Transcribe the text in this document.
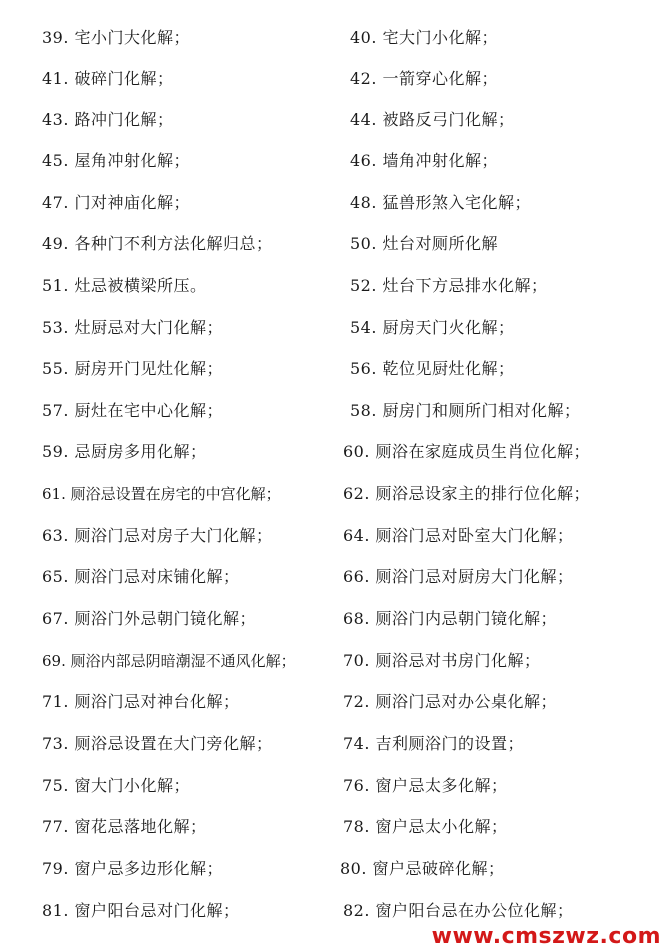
39. 宅小门大化解；	40. 宅大门小化解；
41. 破碎门化解；	42. 一箭穿心化解；
43. 路冲门化解；	44. 被路反弓门化解；
45. 屋角冲射化解；	46. 墙角冲射化解；
47. 门对神庙化解；	48. 猛兽形煞入宅化解；
49. 各种门不利方法化解归总；	50. 灶台对厕所化解
51. 灶忌被横梁所压。	52. 灶台下方忌排水化解；
53. 灶厨忌对大门化解；	54. 厨房天门火化解；
55. 厨房开门见灶化解；	56. 乾位见厨灶化解；
57. 厨灶在宅中心化解；	58. 厨房门和厕所门相对化解；
59. 忌厨房多用化解；	60. 厕浴在家庭成员生肖位化解；
61. 厕浴忌设置在房宅的中宫化解；	62. 厕浴忌设家主的排行位化解；
63. 厕浴门忌对房子大门化解；	64. 厕浴门忌对卧室大门化解；
65. 厕浴门忌对床铺化解；	66. 厕浴门忌对厨房大门化解；
67. 厕浴门外忌朝门镜化解；	68. 厕浴门内忌朝门镜化解；
69. 厕浴内部忌阴暗潮湿不通风化解；	70. 厕浴忌对书房门化解；
71. 厕浴门忌对神台化解；	72. 厕浴门忌对办公桌化解；
73. 厕浴忌设置在大门旁化解；	74. 吉利厕浴门的设置；
75. 窗大门小化解；	76. 窗户忌太多化解；
77. 窗花忌落地化解；	78. 窗户忌太小化解；
79. 窗户忌多边形化解；	80. 窗户忌破碎化解；
81. 窗户阳台忌对门化解；	82. 窗户阳台忌在办公位化解；
www.cmszwz.com
